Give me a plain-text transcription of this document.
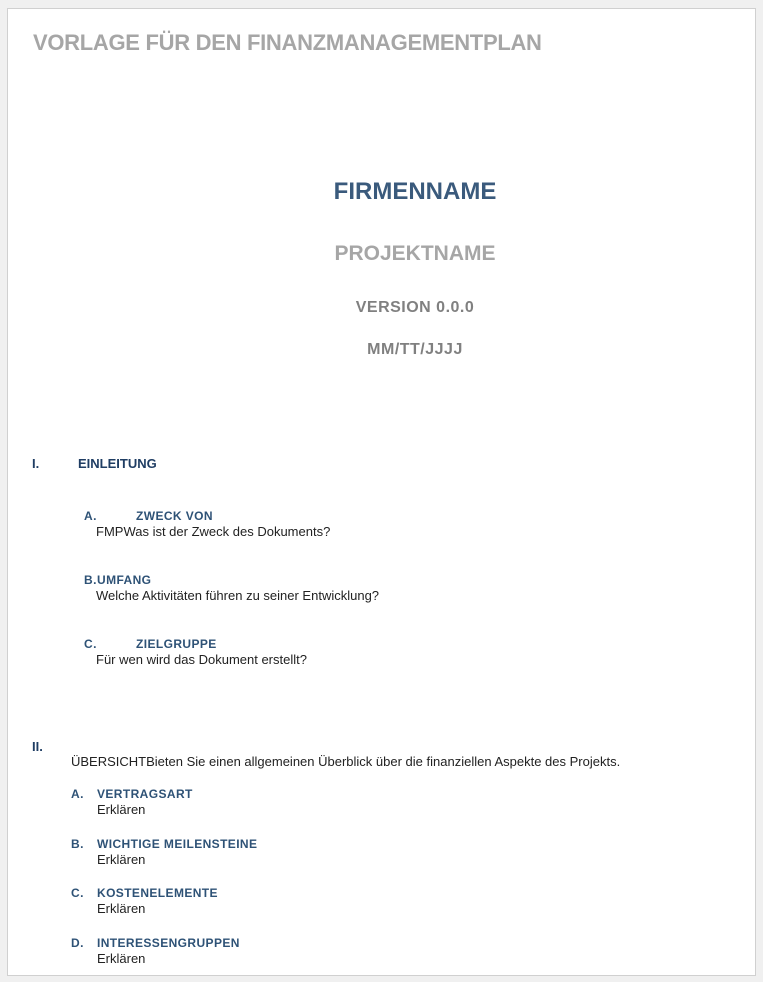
VORLAGE FÜR DEN FINANZMANAGEMENTPLAN
FIRMENNAME
PROJEKTNAME
VERSION 0.0.0
MM/TT/JJJJ
I.	EINLEITUNG
A.	ZWECK VON
FMPWas ist der Zweck des Dokuments?
B. UMFANG
Welche Aktivitäten führen zu seiner Entwicklung?
C.	ZIELGRUPPE
Für wen wird das Dokument erstellt?
II.
ÜBERSICHTBieten Sie einen allgemeinen Überblick über die finanziellen Aspekte des Projekts.
A. VERTRAGSART
Erklären
B. WICHTIGE MEILENSTEINE
Erklären
C. KOSTENELEMENTE
Erklären
D. INTERESSENGRUPPEN
Erklären
